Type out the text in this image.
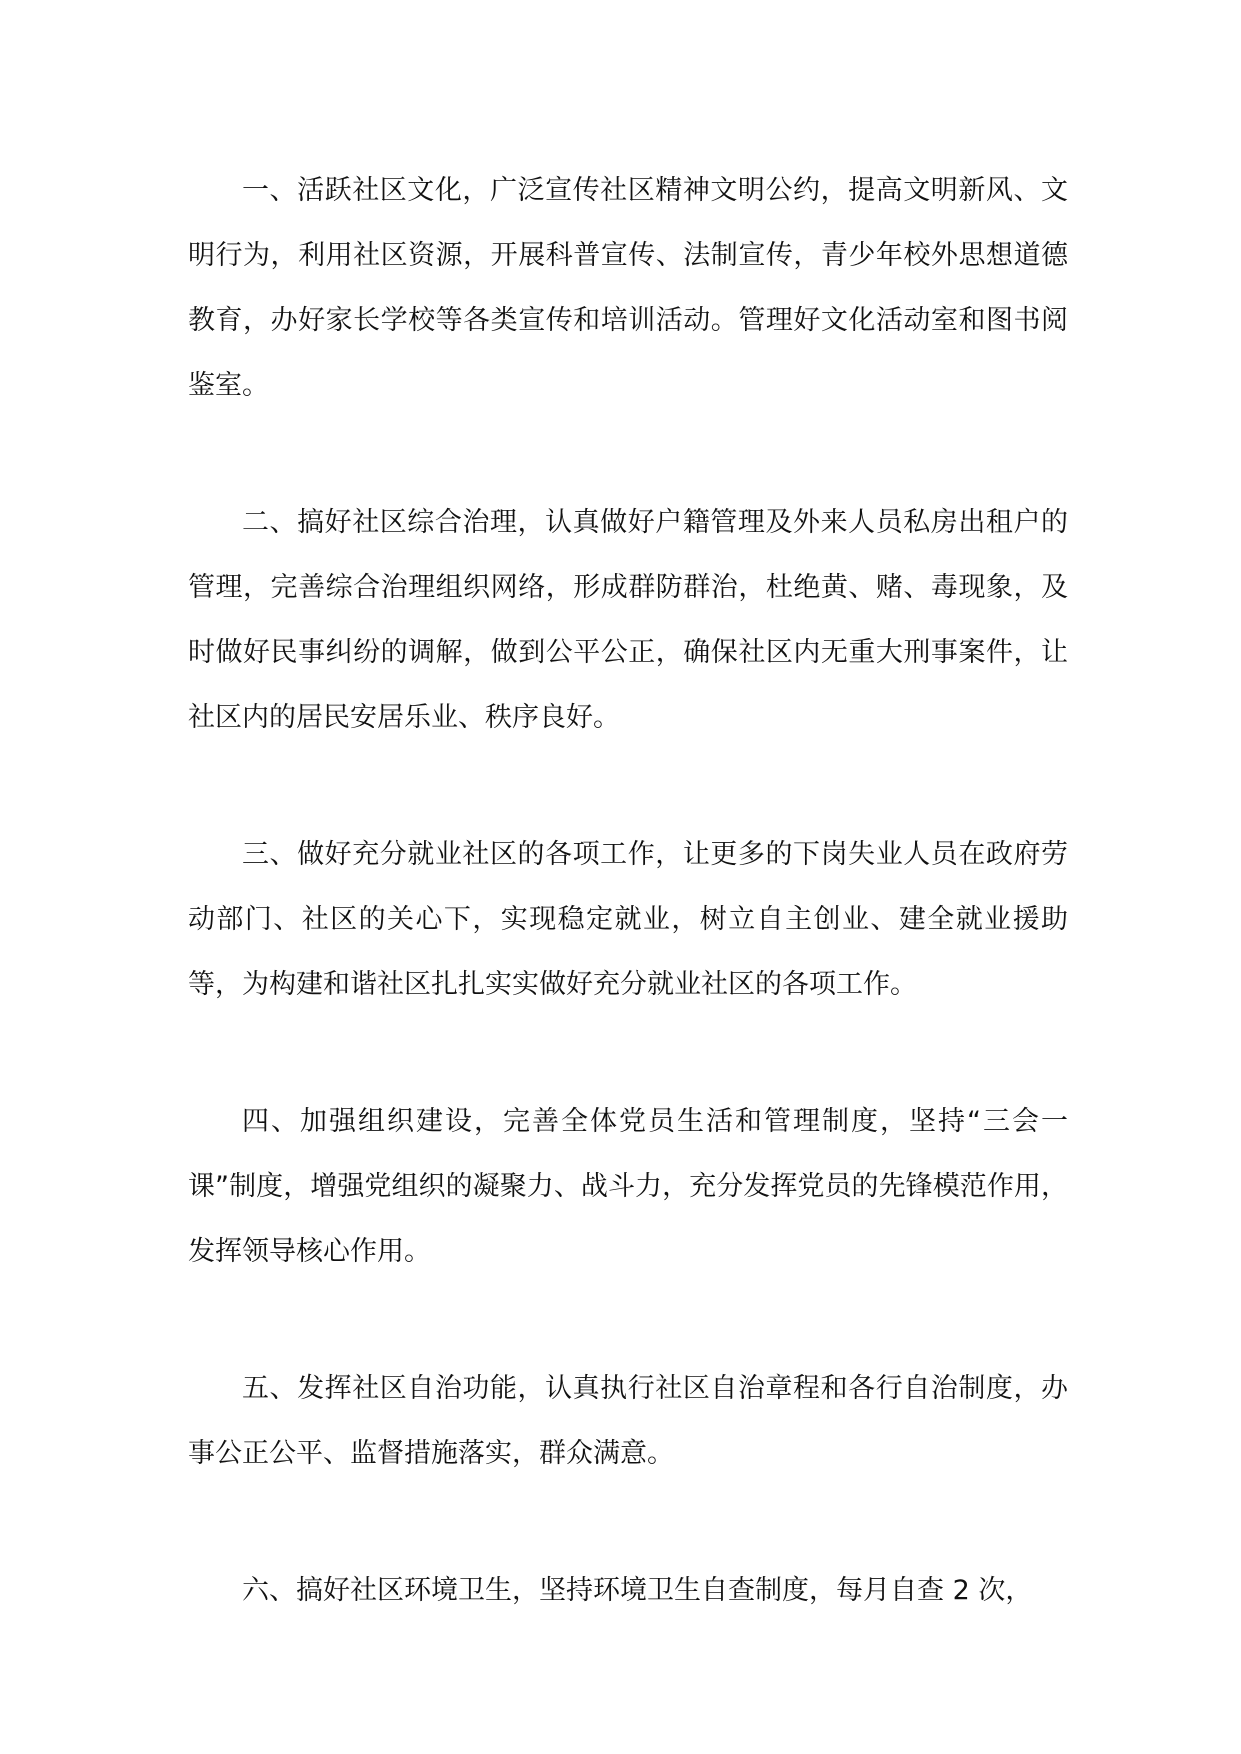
一、活跃社区文化，广泛宣传社区精神文明公约，提高文明新风、文明行为，利用社区资源，开展科普宣传、法制宣传，青少年校外思想道德教育，办好家长学校等各类宣传和培训活动。管理好文化活动室和图书阅鉴室。

二、搞好社区综合治理，认真做好户籍管理及外来人员私房出租户的管理，完善综合治理组织网络，形成群防群治，杜绝黄、赌、毒现象，及时做好民事纠纷的调解，做到公平公正，确保社区内无重大刑事案件，让社区内的居民安居乐业、秩序良好。

三、做好充分就业社区的各项工作，让更多的下岗失业人员在政府劳动部门、社区的关心下，实现稳定就业，树立自主创业、建全就业援助等，为构建和谐社区扎扎实实做好充分就业社区的各项工作。

四、加强组织建设，完善全体党员生活和管理制度，坚持“三会一课”制度，增强党组织的凝聚力、战斗力，充分发挥党员的先锋模范作用，发挥领导核心作用。

五、发挥社区自治功能，认真执行社区自治章程和各行自治制度，办事公正公平、监督措施落实，群众满意。

六、搞好社区环境卫生，坚持环境卫生自查制度，每月自查 2 次，
